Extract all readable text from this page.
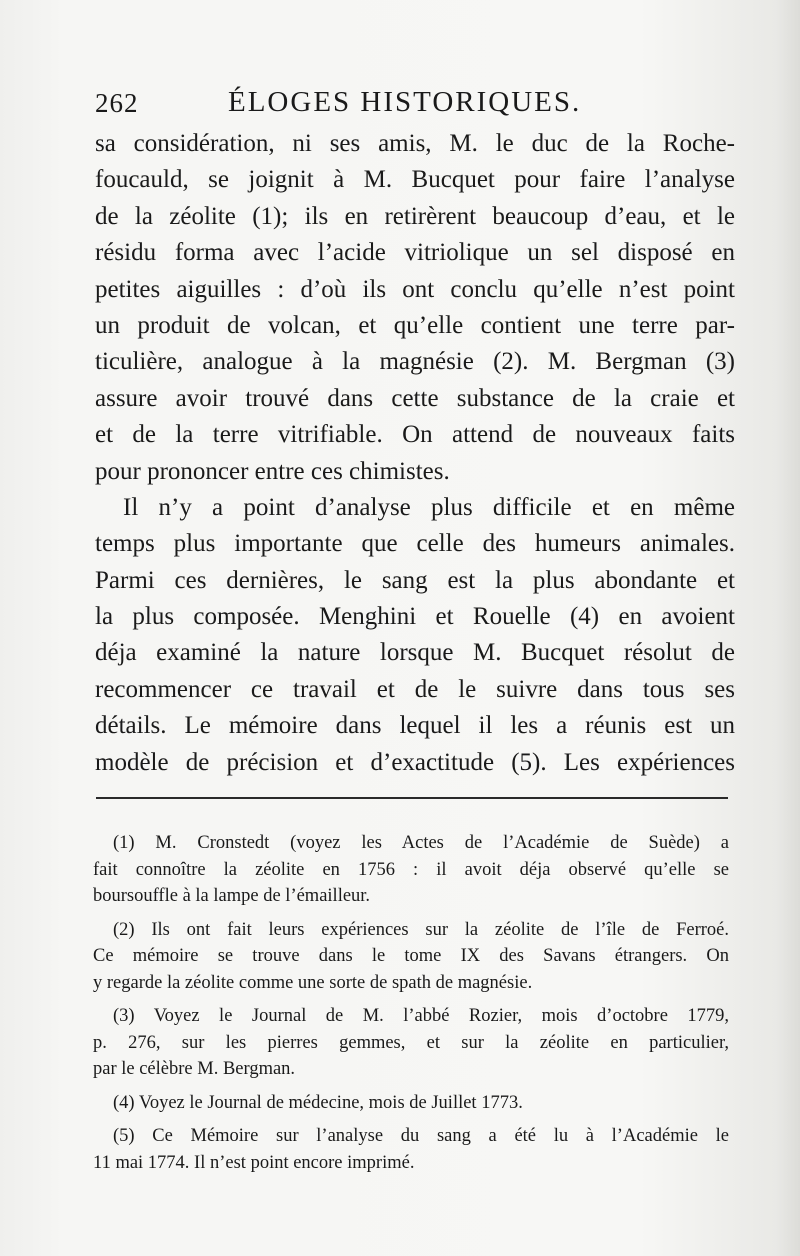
262	ÉLOGES HISTORIQUES.
sa considération, ni ses amis, M. le duc de la Roche-
foucauld, se joignit à M. Bucquet pour faire l’analyse
de la zéolite (1); ils en retirèrent beaucoup d’eau, et le
résidu forma avec l’acide vitriolique un sel disposé en
petites aiguilles : d’où ils ont conclu qu’elle n’est point
un produit de volcan, et qu’elle contient une terre par-
ticulière, analogue à la magnésie (2). M. Bergman (3)
assure avoir trouvé dans cette substance de la craie et
et de la terre vitrifiable. On attend de nouveaux faits
pour prononcer entre ces chimistes.
Il n’y a point d’analyse plus difficile et en même
temps plus importante que celle des humeurs animales.
Parmi ces dernières, le sang est la plus abondante et
la plus composée. Menghini et Rouelle (4) en avoient
déja examiné la nature lorsque M. Bucquet résolut de
recommencer ce travail et de le suivre dans tous ses
détails. Le mémoire dans lequel il les a réunis est un
modèle de précision et d’exactitude (5). Les expériences
(1) M. Cronstedt (voyez les Actes de l’Académie de Suède) a
fait connoître la zéolite en 1756 : il avoit déja observé qu’elle se
boursouffle à la lampe de l’émailleur.
(2) Ils ont fait leurs expériences sur la zéolite de l’île de Ferroé.
Ce mémoire se trouve dans le tome IX des Savans étrangers. On
y regarde la zéolite comme une sorte de spath de magnésie.
(3) Voyez le Journal de M. l’abbé Rozier, mois d’octobre 1779,
p. 276, sur les pierres gemmes, et sur la zéolite en particulier,
par le célèbre M. Bergman.
(4) Voyez le Journal de médecine, mois de Juillet 1773.
(5) Ce Mémoire sur l’analyse du sang a été lu à l’Académie le
11 mai 1774. Il n’est point encore imprimé.
